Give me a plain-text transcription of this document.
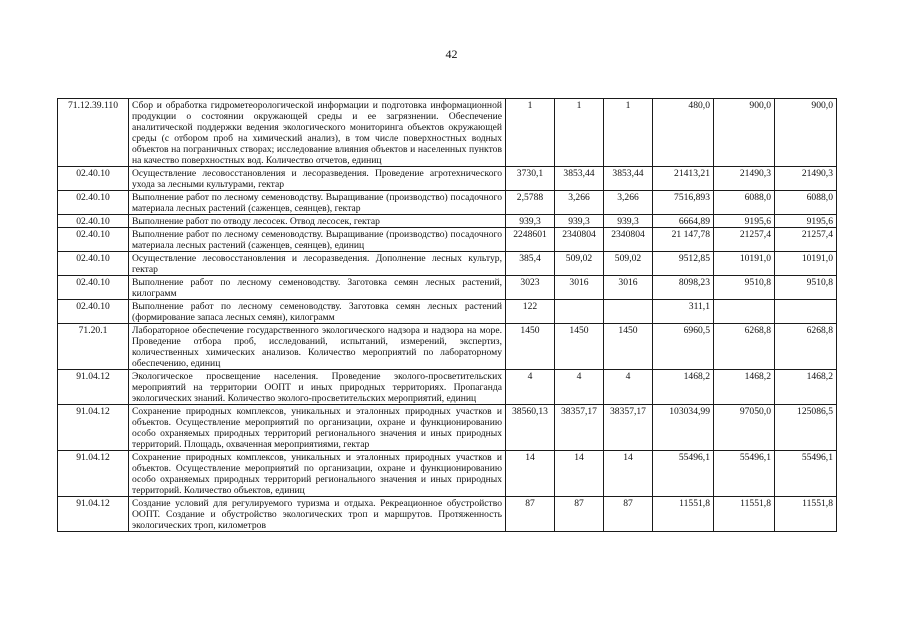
42
71.12.39.110	Сбор и обработка гидрометеорологической информации и подготовка информационной продукции о состоянии окружающей среды и ее загрязнении. Обеспечение аналитической поддержки ведения экологического мониторинга объектов окружающей среды (с отбором проб на химический анализ), в том числе поверхностных водных объектов на пограничных створах; исследование влияния объектов и населенных пунктов на качество поверхностных вод. Количество отчетов, единиц	1	1	1	480,0	900,0	900,0
02.40.10	Осуществление лесовосстановления и лесоразведения. Проведение агротехнического ухода за лесными культурами, гектар	3730,1	3853,44	3853,44	21413,21	21490,3	21490,3
02.40.10	Выполнение работ по лесному семеноводству. Выращивание (производство) посадочного материала лесных растений (саженцев, сеянцев), гектар	2,5788	3,266	3,266	7516,893	6088,0	6088,0
02.40.10	Выполнение работ по отводу лесосек. Отвод лесосек, гектар	939,3	939,3	939,3	6664,89	9195,6	9195,6
02.40.10	Выполнение работ по лесному семеноводству. Выращивание (производство) посадочного материала лесных растений (саженцев, сеянцев), единиц	2248601	2340804	2340804	21 147,78	21257,4	21257,4
02.40.10	Осуществление лесовосстановления и лесоразведения. Дополнение лесных культур, гектар	385,4	509,02	509,02	9512,85	10191,0	10191,0
02.40.10	Выполнение работ по лесному семеноводству. Заготовка семян лесных растений, килограмм	3023	3016	3016	8098,23	9510,8	9510,8
02.40.10	Выполнение работ по лесному семеноводству. Заготовка семян лесных растений (формирование запаса лесных семян), килограмм	122			311,1		
71.20.1	Лабораторное обеспечение государственного экологического надзора и надзора на море. Проведение отбора проб, исследований, испытаний, измерений, экспертиз, количественных химических анализов. Количество мероприятий по лабораторному обеспечению, единиц	1450	1450	1450	6960,5	6268,8	6268,8
91.04.12	Экологическое просвещение населения. Проведение эколого-просветительских мероприятий на территории ООПТ и иных природных территориях. Пропаганда экологических знаний. Количество эколого-просветительских мероприятий, единиц	4	4	4	1468,2	1468,2	1468,2
91.04.12	Сохранение природных комплексов, уникальных и эталонных природных участков и объектов. Осуществление мероприятий по организации, охране и функционированию особо охраняемых природных территорий регионального значения и иных природных территорий. Площадь, охваченная мероприятиями, гектар	38560,13	38357,17	38357,17	103034,99	97050,0	125086,5
91.04.12	Сохранение природных комплексов, уникальных и эталонных природных участков и объектов. Осуществление мероприятий по организации, охране и функционированию особо охраняемых природных территорий регионального значения и иных природных территорий. Количество объектов, единиц	14	14	14	55496,1	55496,1	55496,1
91.04.12	Создание условий для регулируемого туризма и отдыха. Рекреационное обустройство ООПТ. Создание и обустройство экологических троп и маршрутов. Протяженность экологических троп, километров	87	87	87	11551,8	11551,8	11551,8
